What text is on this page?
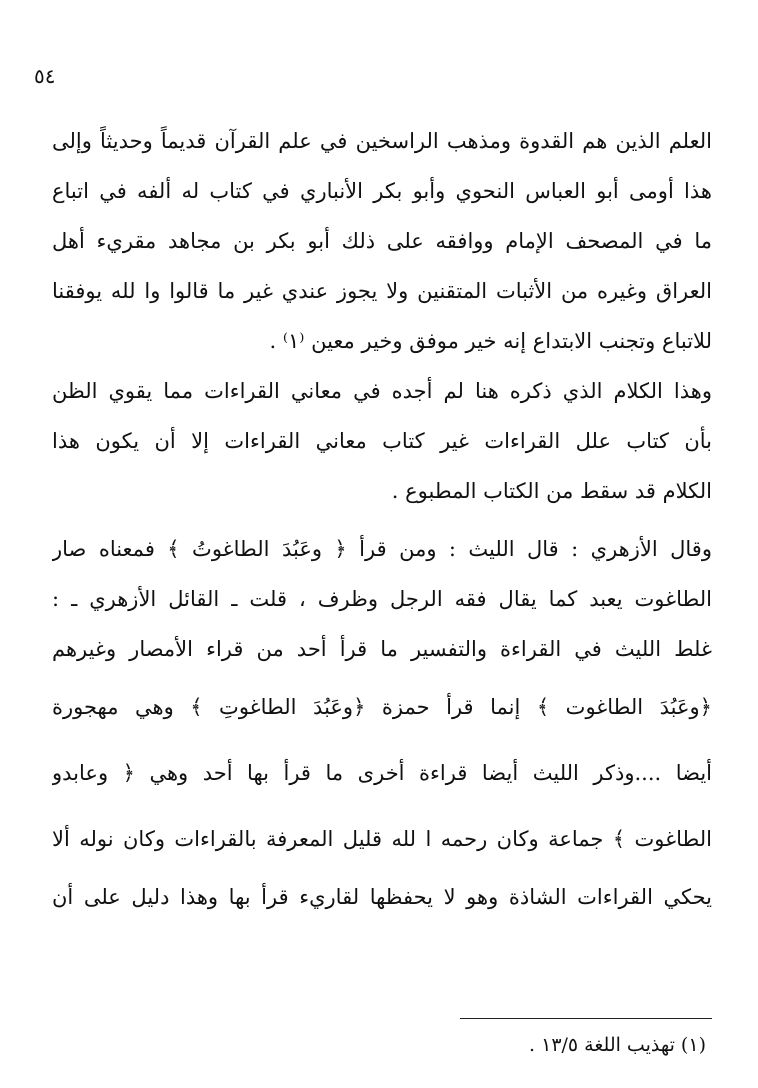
٥٤
العلم الذين هم القدوة ومذهب الراسخين في علم القرآن قديماً وحديثاً وإلى
هذا أومى أبو العباس النحوي وأبو بكر الأنباري في كتاب له ألفه في اتباع
ما في المصحف الإمام ووافقه على ذلك أبو بكر بن مجاهد مقريء أهل
العراق وغيره من الأثبات المتقنين ولا يجوز عندي غير ما قالوا وا لله يوفقنا
للاتباع وتجنب الابتداع إنه خير موفق وخير معين ⁽١⁾ .
وهذا الكلام الذي ذكره هنا لم أجده في معاني القراءات مما يقوي الظن
بأن كتاب علل القراءات غير كتاب معاني القراءات إلا أن يكون هذا
الكلام قد سقط من الكتاب المطبوع .
وقال الأزهري : قال الليث : ومن قرأ ﴿ وعَبُدَ الطاغوتُ ﴾ فمعناه صار
الطاغوت يعبد كما يقال فقه الرجل وظرف ، قلت ـ القائل الأزهري ـ :
غلط الليث في القراءة والتفسير ما قرأ أحد من قراء الأمصار وغيرهم
﴿وعَبُدَ الطاغوت ﴾ إنما قرأ حمزة ﴿وعَبُدَ الطاغوتِ ﴾ وهي مهجورة
أيضا ....وذكر الليث أيضا قراءة أخرى ما قرأ بها أحد وهي ﴿ وعابدو
الطاغوت ﴾ جماعة وكان رحمه ا لله قليل المعرفة بالقراءات وكان نوله ألا
يحكي القراءات الشاذة وهو لا يحفظها لقاريء قرأ بها وهذا دليل على أن
(١) تهذيب اللغة ١٣/٥ .
